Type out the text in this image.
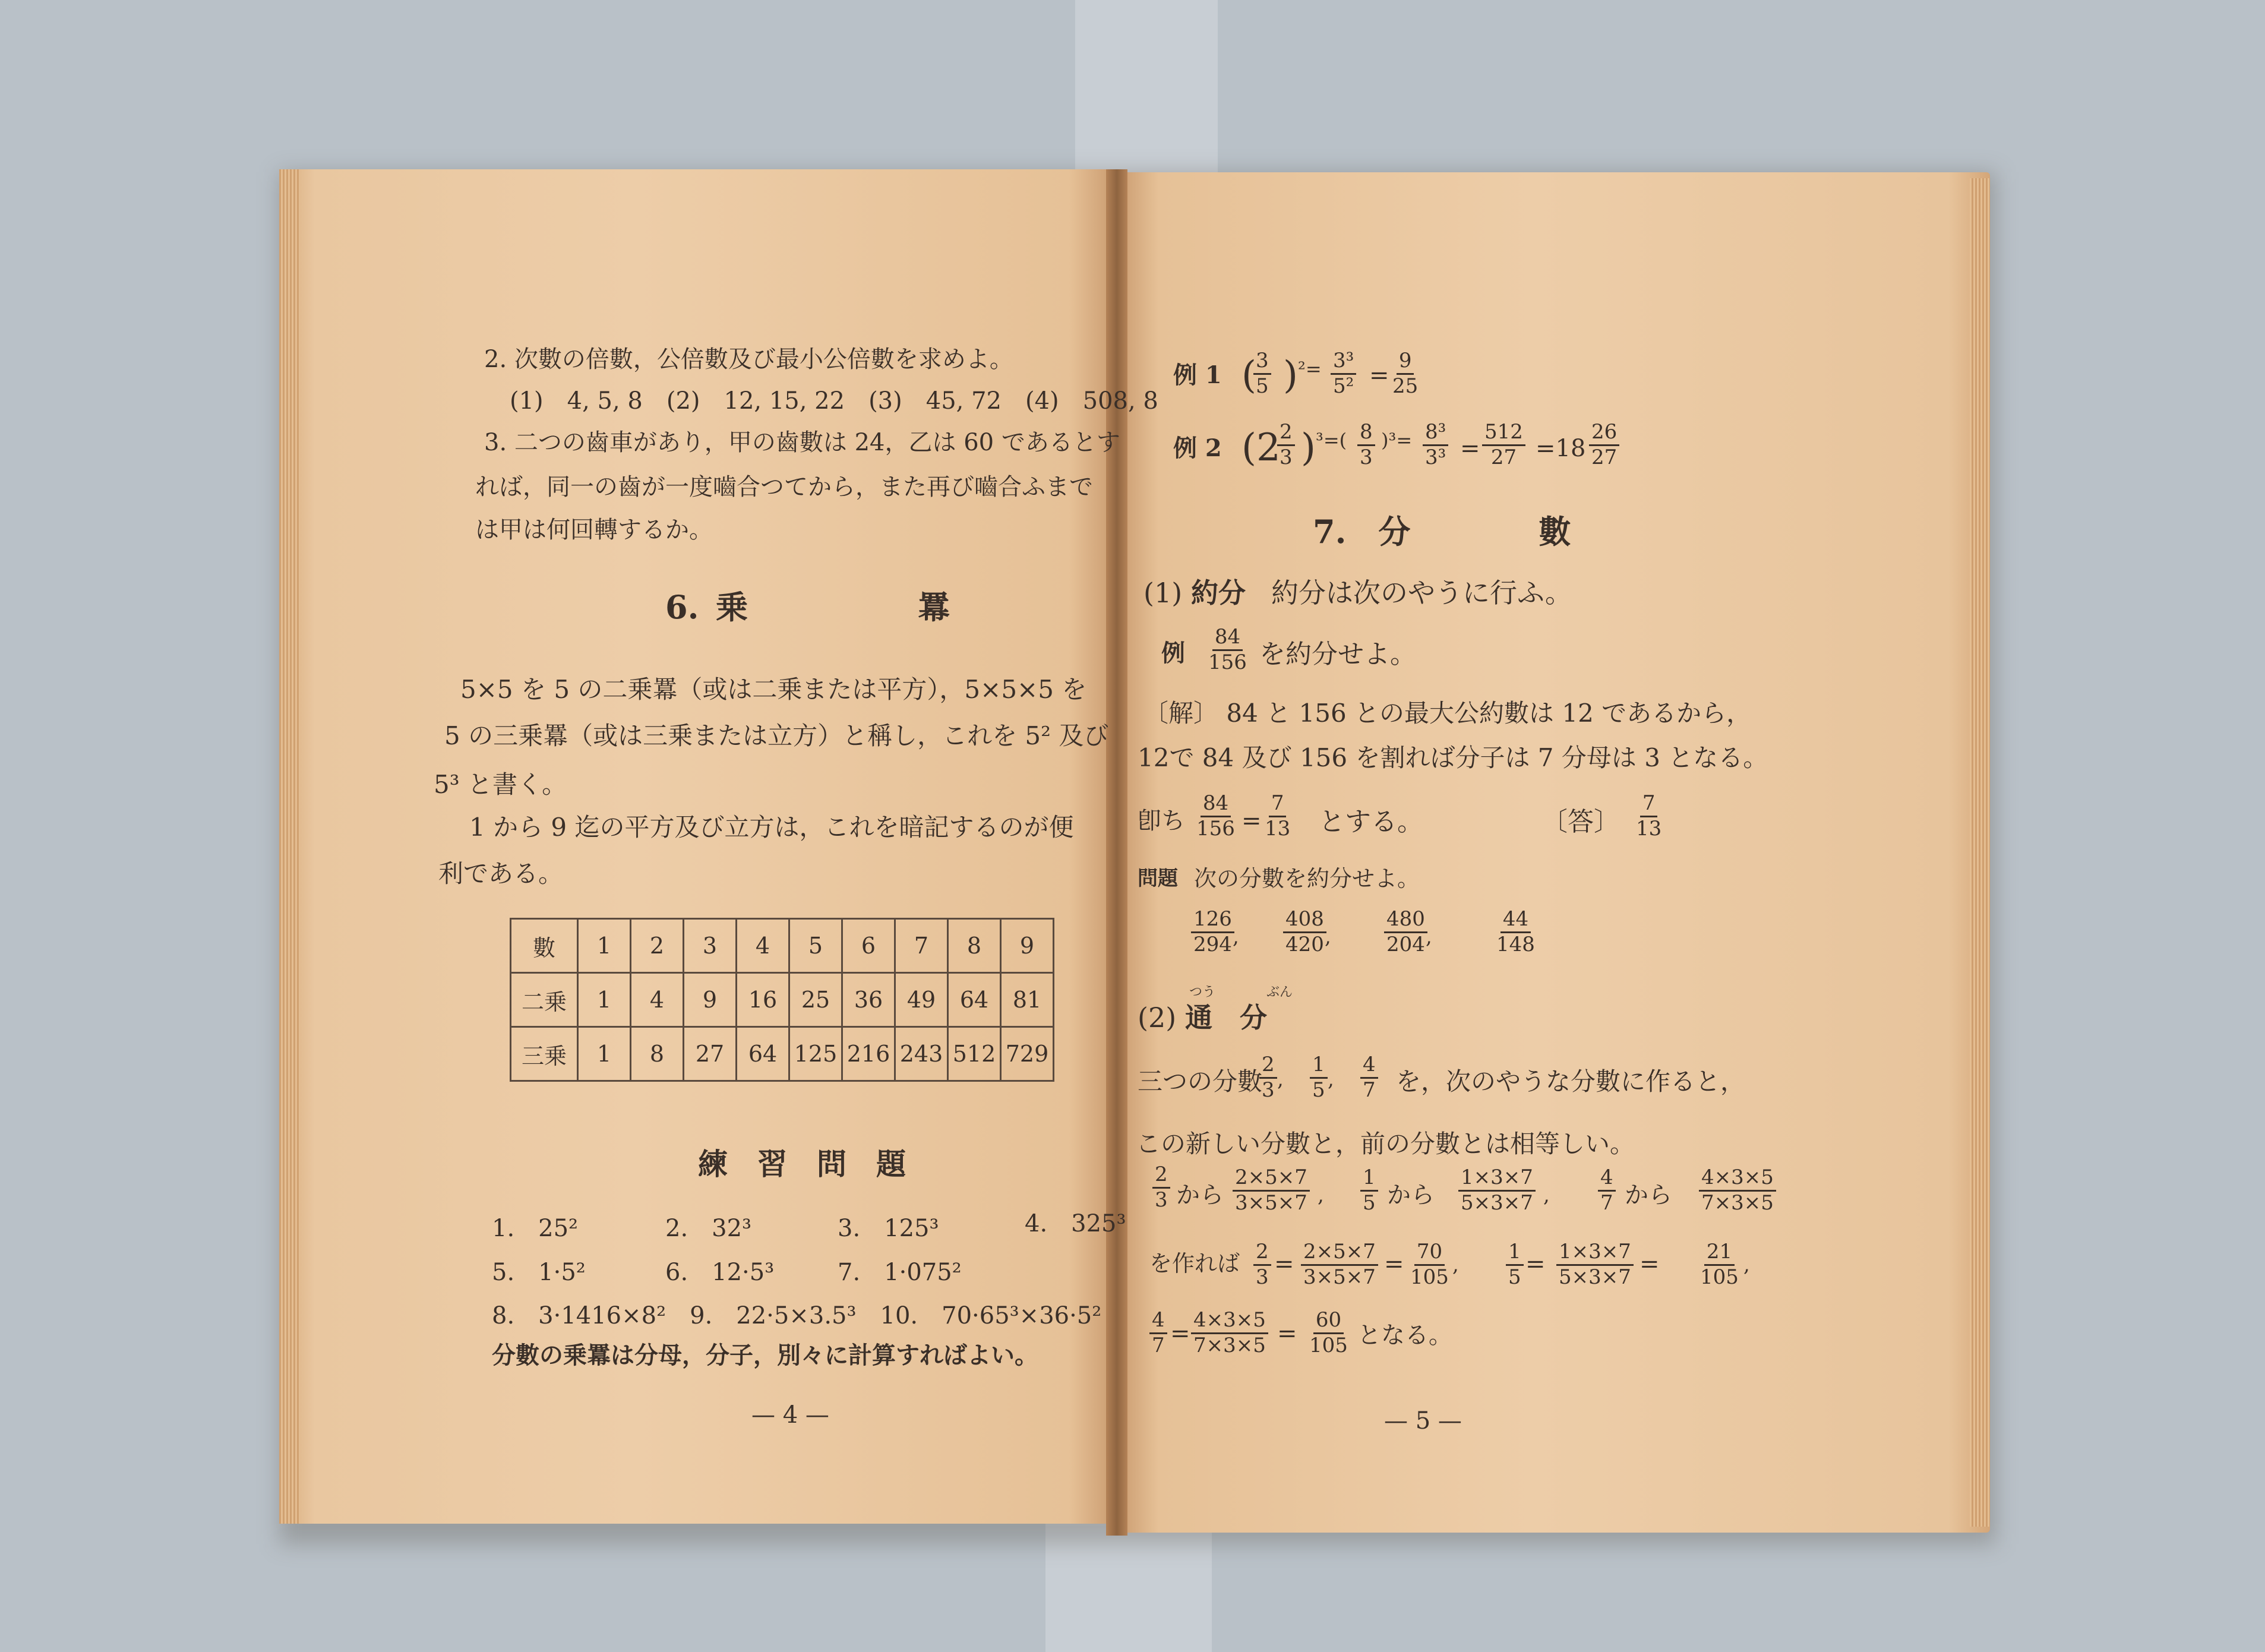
2. 次數の倍數，公倍數及び最小公倍數を求めよ。
(1)　4, 5, 8　(2)　12, 15, 22　(3)　45, 72　(4)　508, 8
3. 二つの齒車があり，甲の齒數は 24，乙は 60 であるとす
れば，同一の齒が一度嚙合つてから，また再び嚙合ふまで
は甲は何回轉するか。
6. 乗	羃
5×5 を 5 の二乗羃（或は二乗または平方），5×5×5 を
5 の三乗羃（或は三乗または立方）と稱し，これを 5² 及び
5³ と書く。
1 から 9 迄の平方及び立方は，これを暗記するのが便
利である。
數	1	2	3	4	5	6	7	8	9
二乗	1	4	9	16	25	36	49	64	81
三乗	1	8	27	64	125	216	243	512	729
練　習　問　題
1.　25²	2.　32³	3.　125³	4.　325³
5.　1·5²	6.　12·5³	7.　1·075²
8.　3·1416×8²　9.　22·5×3.5³　10.　70·65³×36·5²
分數の乗羃は分母，分子，別々に計算すればよい。
— 4 —
例 1 (
$\frac{3}{5}$ ) $^2= \frac{\text{3³}}{\text{5²}} = \frac{9}{25}$
例 2 (2
$\frac{2}{3}$ ) $^3=( \frac{8}{3} )^3= \frac{\text{8³}}{\text{3³}} = \frac{512}{27} =18 \frac{26}{27}$
7.　分　　　　數
(1) 約分 約分は次のやうに行ふ。
例 $\frac{84}{156}$ を約分せよ。
〔解〕 84 と 156 との最大公約數は 12 であるから，
12で 84 及び 156 を割れば分子は 7 分母は 3 となる。
卽ち $\frac{84}{156} = \frac{7}{13}$ とする。	〔答〕 $\frac{7}{13}$
問題 次の分數を約分せよ。
$\frac{126}{294}$
, $\frac{408}{420}$
,	$\frac{480}{204}$
,	$\frac{44}{148}$
つう	ぶん
(2) 通　分
三つの分數
$\frac{2}{3}$ , $\frac{1}{5}$ , $\frac{4}{7}$ を，次のやうな分數に作ると，
この新しい分數と，前の分數とは相等しい。
$\frac{2}{3}$ から $\frac{2\times 5\times 7}{3\times 5\times 7}$ , $\frac{1}{5}$ から $\frac{1\times 3\times 7}{5\times 3\times 7}$ , $\frac{4}{7}$ から $\frac{4\times 3\times 5}{7\times 3\times 5}$
を作れば $\frac{2}{3} = \frac{2\times 5\times 7}{3\times 5\times 7} = \frac{70}{105}$ , $\frac{1}{5} = \frac{1\times 3\times 7}{5\times 3\times 7} = \frac{21}{105}$ ,
$\frac{4}{7} = \frac{4\times 3\times 5}{7\times 3\times 5} = \frac{60}{105}$ となる。
— 5 —
